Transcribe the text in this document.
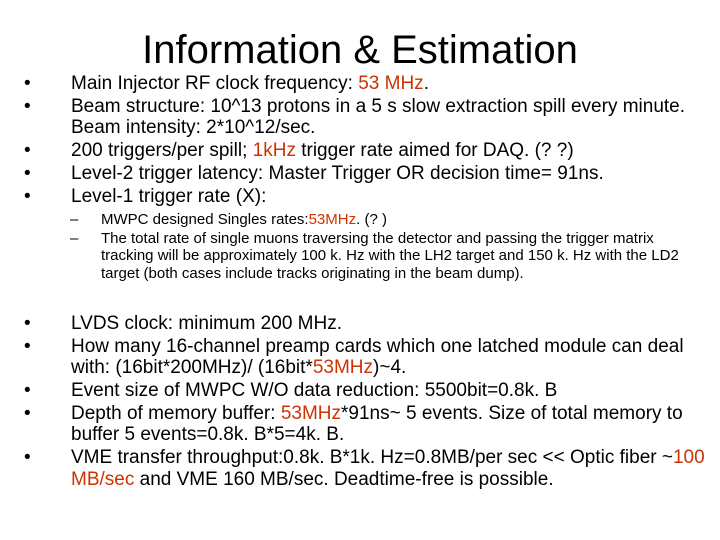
Information & Estimation
•	Main Injector RF clock frequency: 53 MHz.
•	Beam structure: 10^13 protons in a 5 s slow extraction spill every minute. Beam intensity: 2*10^12/sec.
•	200 triggers/per spill; 1kHz trigger rate aimed for DAQ. (? ?)
•	Level-2 trigger latency: Master Trigger OR decision time= 91ns.
•	Level-1 trigger rate (X):
–	MWPC designed Singles rates:53MHz. (? )
–	The total rate of single muons traversing the detector and passing the trigger matrix tracking will be approximately 100 k. Hz with the LH2 target and 150 k. Hz with the LD2 target (both cases include tracks originating in the beam dump).
•	LVDS clock: minimum 200 MHz.
•	How many 16-channel preamp cards which one latched module can deal with: (16bit*200MHz)/ (16bit*53MHz)~4.
•	Event size of MWPC W/O data reduction: 5500bit=0.8k. B
•	Depth of memory buffer: 53MHz*91ns~ 5 events. Size of total memory to buffer 5 events=0.8k. B*5=4k. B.
•	VME transfer throughput:0.8k. B*1k. Hz=0.8MB/per sec << Optic fiber ~100 MB/sec and VME 160 MB/sec. Deadtime-free is possible.
